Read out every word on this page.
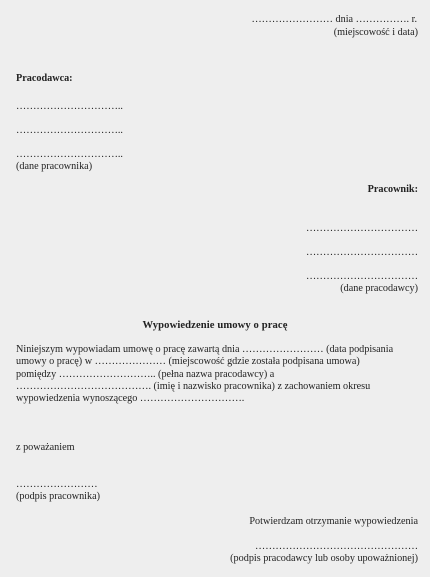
…………………… dnia ……………. r.
(miejscowość i data)
Pracodawca:
…………………………..
…………………………..
…………………………..
(dane pracownika)
Pracownik:
……………………………
……………………………
……………………………
(dane pracodawcy)
Wypowiedzenie umowy o pracę
Niniejszym wypowiadam umowę o pracę zawartą dnia …………………… (data podpisania
umowy o pracę) w ………………… (miejscowość gdzie została podpisana umowa)
pomiędzy ……………………….. (pełna nazwa pracodawcy) a
…………………………………. (imię i nazwisko pracownika) z zachowaniem okresu
wypowiedzenia wynoszącego ………………………….
z poważaniem
……………………
(podpis pracownika)
Potwierdzam otrzymanie wypowiedzenia
…………………………………………
(podpis pracodawcy lub osoby upoważnionej)
